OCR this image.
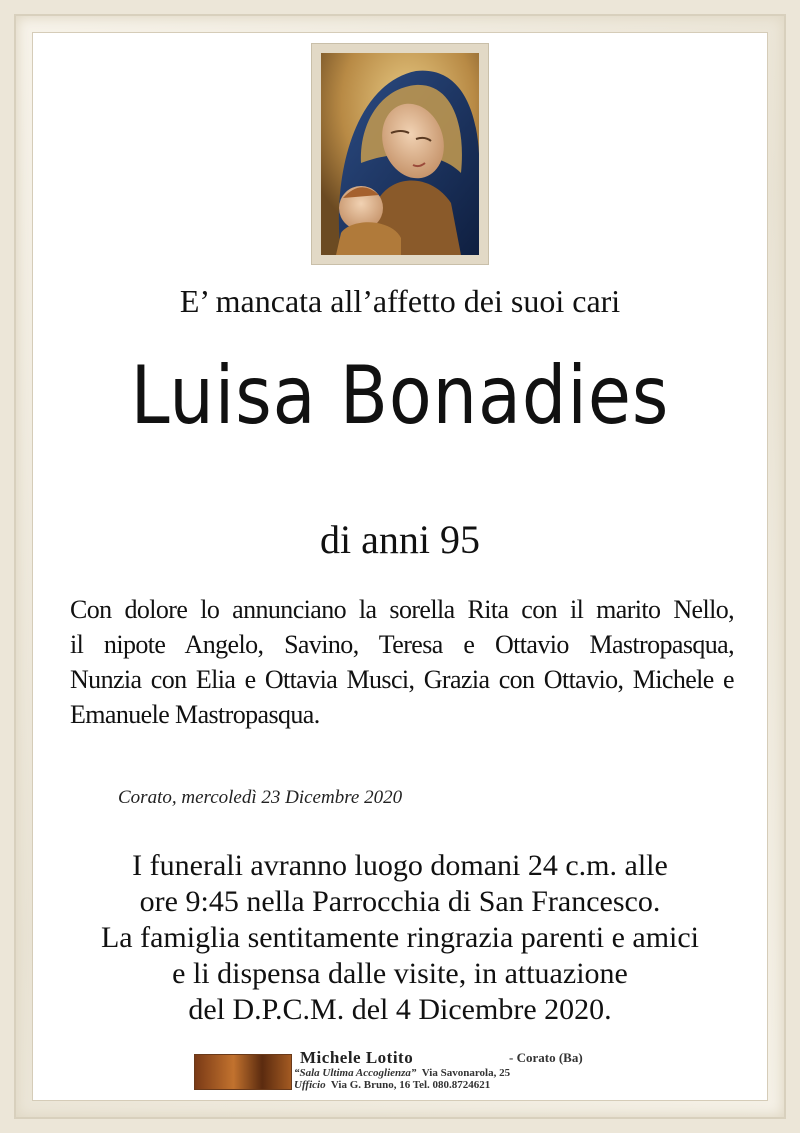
E’ mancata all’affetto dei suoi cari
Luisa Bonadies
di anni 95
Con dolore lo annunciano la sorella Rita con il marito Nello,
il nipote Angelo, Savino, Teresa e Ottavio Mastropasqua,
Nunzia con Elia e Ottavia Musci, Grazia con Ottavio, Michele e
Emanuele Mastropasqua.
Corato, mercoledì 23 Dicembre 2020
I funerali avranno luogo domani 24 c.m. alle
ore 9:45 nella Parrocchia di San Francesco.
La famiglia sentitamente ringrazia parenti e amici
e li dispensa dalle visite, in attuazione
del D.P.C.M. del 4 Dicembre 2020.
Michele Lotito	- Corato (Ba)
“Sala Ultima Accoglienza” Via Savonarola, 25
Ufficio Via G. Bruno, 16 Tel. 080.8724621
